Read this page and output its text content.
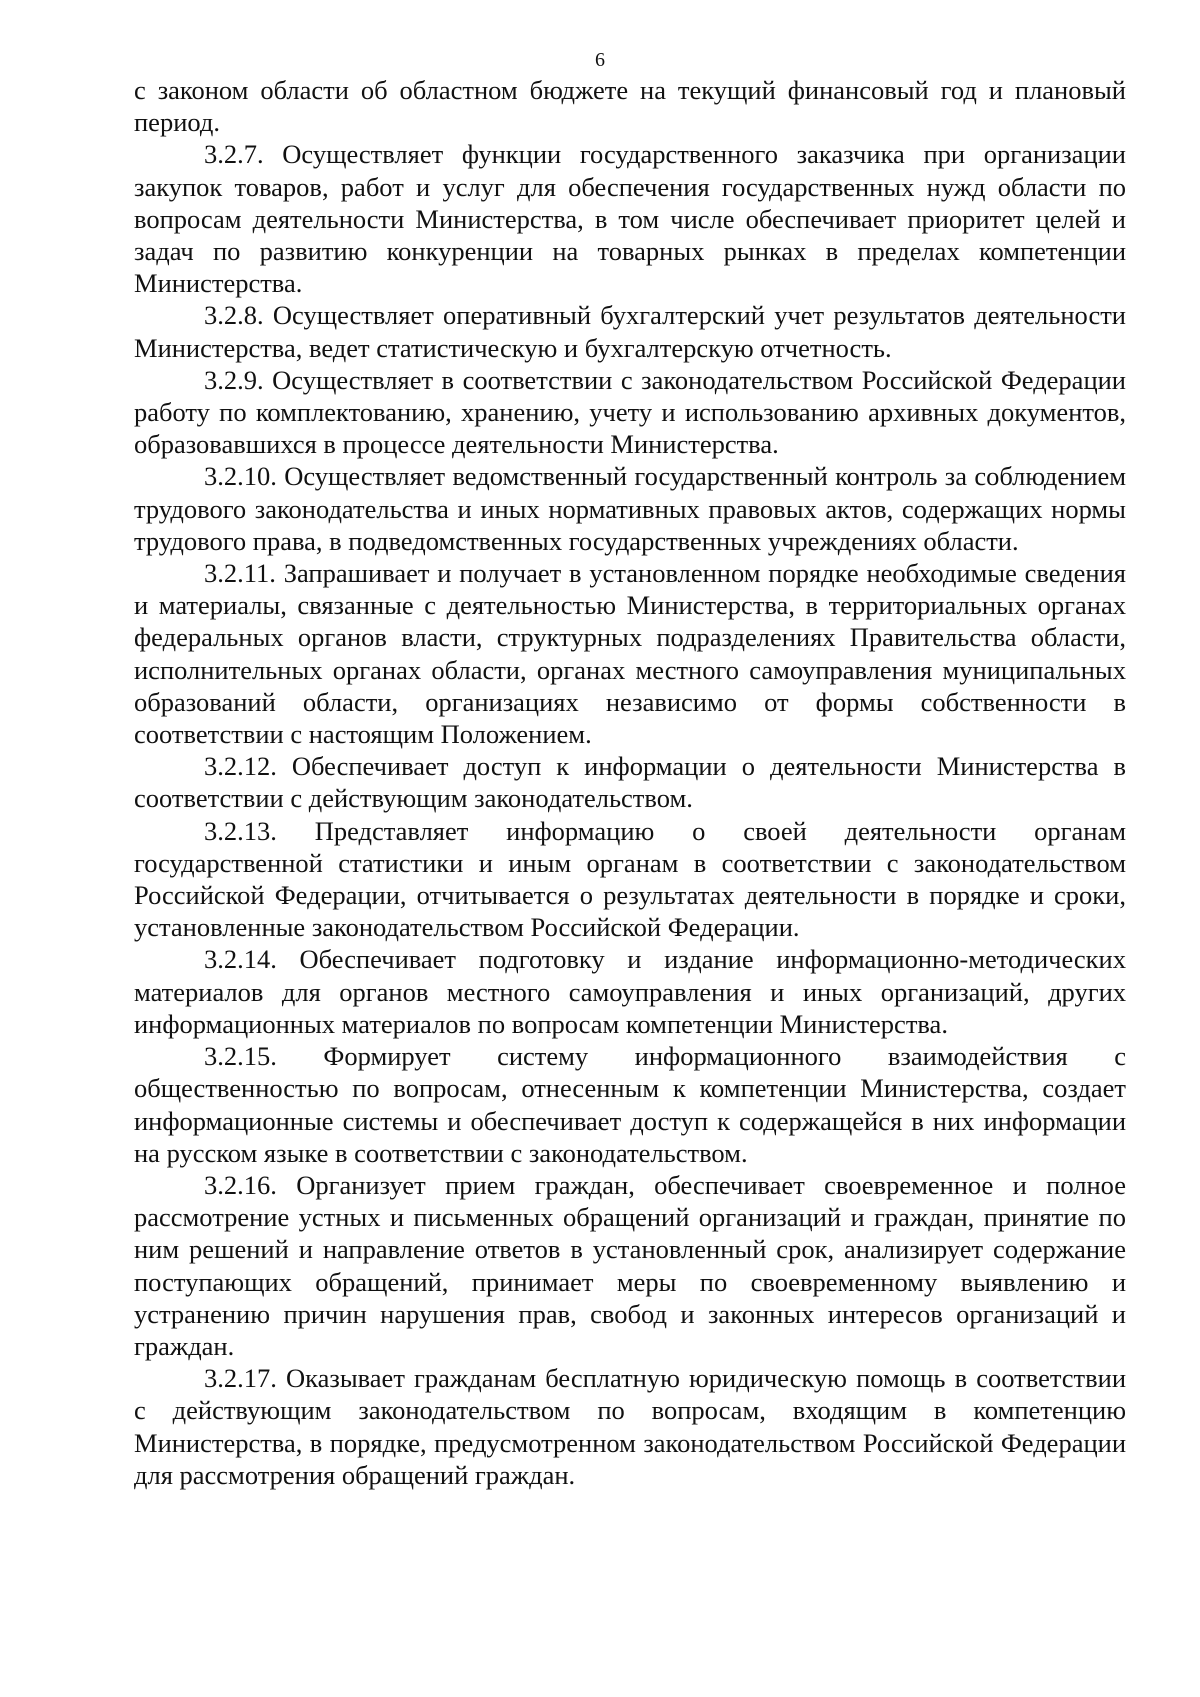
6

с законом области об областном бюджете на текущий финансовый год и плановый период.

3.2.7. Осуществляет функции государственного заказчика при организации закупок товаров, работ и услуг для обеспечения государственных нужд области по вопросам деятельности Министерства, в том числе обеспечивает приоритет целей и задач по развитию конкуренции на товарных рынках в пределах компетенции Министерства.

3.2.8. Осуществляет оперативный бухгалтерский учет результатов деятельности Министерства, ведет статистическую и бухгалтерскую отчетность.

3.2.9. Осуществляет в соответствии с законодательством Российской Федерации работу по комплектованию, хранению, учету и использованию архивных документов, образовавшихся в процессе деятельности Министерства.

3.2.10. Осуществляет ведомственный государственный контроль за соблюдением трудового законодательства и иных нормативных правовых актов, содержащих нормы трудового права, в подведомственных государственных учреждениях области.

3.2.11. Запрашивает и получает в установленном порядке необходимые сведения и материалы, связанные с деятельностью Министерства, в территориальных органах федеральных органов власти, структурных подразделениях Правительства области, исполнительных органах области, органах местного самоуправления муниципальных образований области, организациях независимо от формы собственности в соответствии с настоящим Положением.

3.2.12. Обеспечивает доступ к информации о деятельности Министерства в соответствии с действующим законодательством.

3.2.13. Представляет информацию о своей деятельности органам государственной статистики и иным органам в соответствии с законодательством Российской Федерации, отчитывается о результатах деятельности в порядке и сроки, установленные законодательством Российской Федерации.

3.2.14. Обеспечивает подготовку и издание информационно-методических материалов для органов местного самоуправления и иных организаций, других информационных материалов по вопросам компетенции Министерства.

3.2.15. Формирует систему информационного взаимодействия с общественностью по вопросам, отнесенным к компетенции Министерства, создает информационные системы и обеспечивает доступ к содержащейся в них информации на русском языке в соответствии с законодательством.

3.2.16. Организует прием граждан, обеспечивает своевременное и полное рассмотрение устных и письменных обращений организаций и граждан, принятие по ним решений и направление ответов в установленный срок, анализирует содержание поступающих обращений, принимает меры по своевременному выявлению и устранению причин нарушения прав, свобод и законных интересов организаций и граждан.

3.2.17. Оказывает гражданам бесплатную юридическую помощь в соответствии с действующим законодательством по вопросам, входящим в компетенцию Министерства, в порядке, предусмотренном законодательством Российской Федерации для рассмотрения обращений граждан.
